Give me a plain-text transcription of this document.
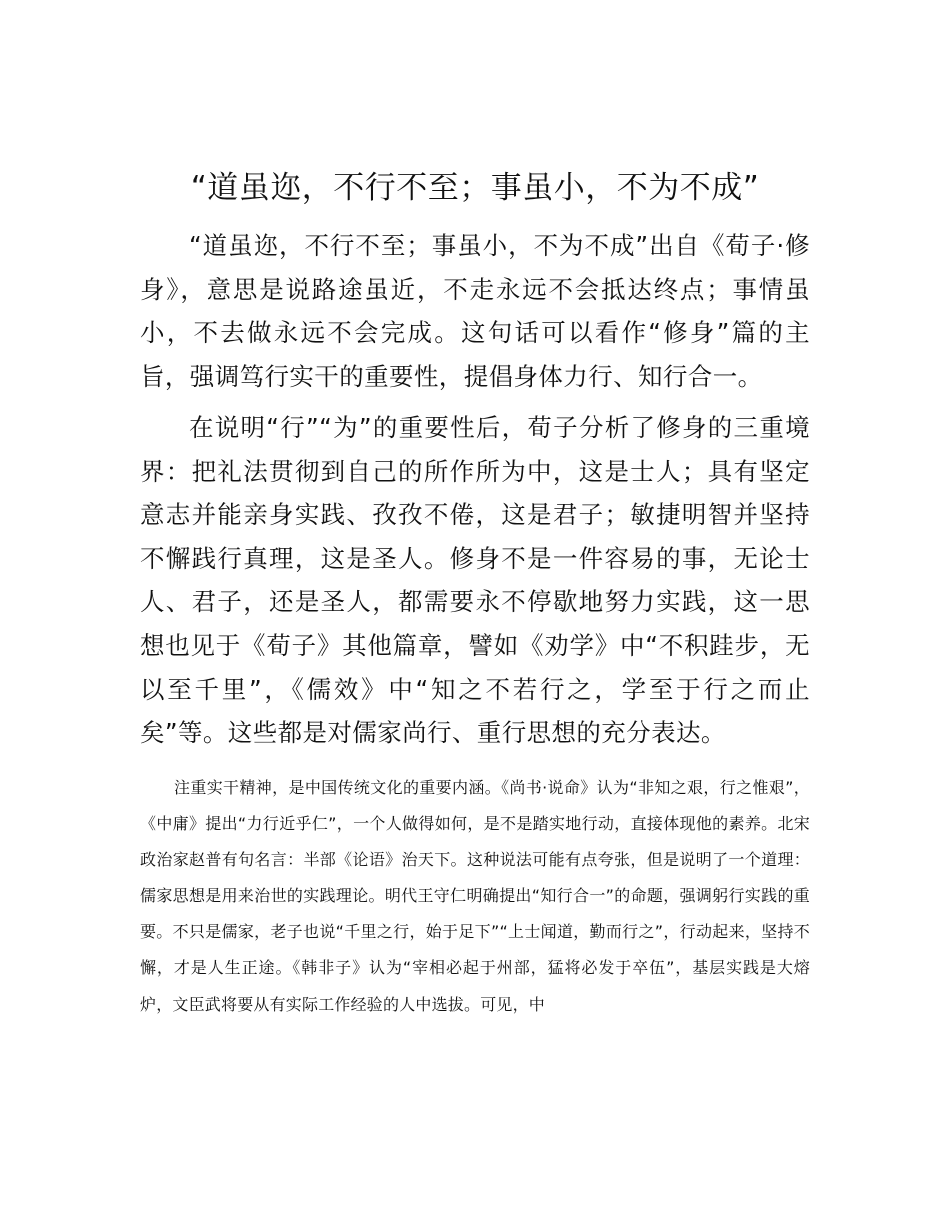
“道虽迩，不行不至；事虽小，不为不成”

“道虽迩，不行不至；事虽小，不为不成”出自《荀子·修身》，意思是说路途虽近，不走永远不会抵达终点；事情虽小，不去做永远不会完成。这句话可以看作“修身”篇的主旨，强调笃行实干的重要性，提倡身体力行、知行合一。

在说明“行”“为”的重要性后，荀子分析了修身的三重境界：把礼法贯彻到自己的所作所为中，这是士人；具有坚定意志并能亲身实践、孜孜不倦，这是君子；敏捷明智并坚持不懈践行真理，这是圣人。修身不是一件容易的事，无论士人、君子，还是圣人，都需要永不停歇地努力实践，这一思想也见于《荀子》其他篇章，譬如《劝学》中“不积跬步，无以至千里”，《儒效》中“知之不若行之，学至于行之而止矣”等。这些都是对儒家尚行、重行思想的充分表达。

注重实干精神，是中国传统文化的重要内涵。《尚书·说命》认为“非知之艰，行之惟艰”，《中庸》提出“力行近乎仁”，一个人做得如何，是不是踏实地行动，直接体现他的素养。北宋政治家赵普有句名言：半部《论语》治天下。这种说法可能有点夸张，但是说明了一个道理：儒家思想是用来治世的实践理论。明代王守仁明确提出“知行合一”的命题，强调躬行实践的重要。不只是儒家，老子也说“千里之行，始于足下”“上士闻道，勤而行之”，行动起来，坚持不懈，才是人生正途。《韩非子》认为“宰相必起于州部，猛将必发于卒伍”，基层实践是大熔炉，文臣武将要从有实际工作经验的人中选拔。可见，中
